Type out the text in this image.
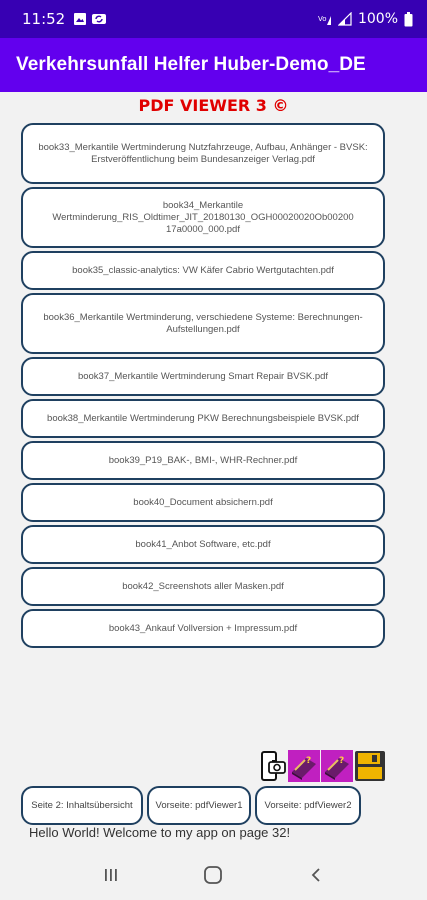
11:52	Vo 100%
Verkehrsunfall Helfer Huber-Demo_DE
PDF VIEWER 3 ©
book33_Merkantile Wertminderung Nutzfahrzeuge, Aufbau, Anhänger - BVSK: Erstveröffentlichung beim Bundesanzeiger Verlag.pdf
book34_Merkantile Wertminderung_RIS_Oldtimer_JIT_20180130_OGH00020020Ob00200 17a0000_000.pdf
book35_classic-analytics: VW Käfer Cabrio Wertgutachten.pdf
book36_Merkantile Wertminderung, verschiedene Systeme: Berechnungen-Aufstellungen.pdf
book37_Merkantile Wertminderung Smart Repair BVSK.pdf
book38_Merkantile Wertminderung PKW Berechnungsbeispiele BVSK.pdf
book39_P19_BAK-, BMI-, WHR-Rechner.pdf
book40_Document absichern.pdf
book41_Anbot Software, etc.pdf
book42_Screenshots aller Masken.pdf
book43_Ankauf Vollversion + Impressum.pdf
?	?
Seite 2: Inhaltsübersicht	Vorseite: pdfViewer1	Vorseite: pdfViewer2
Hello World! Welcome to my app on page 32!
